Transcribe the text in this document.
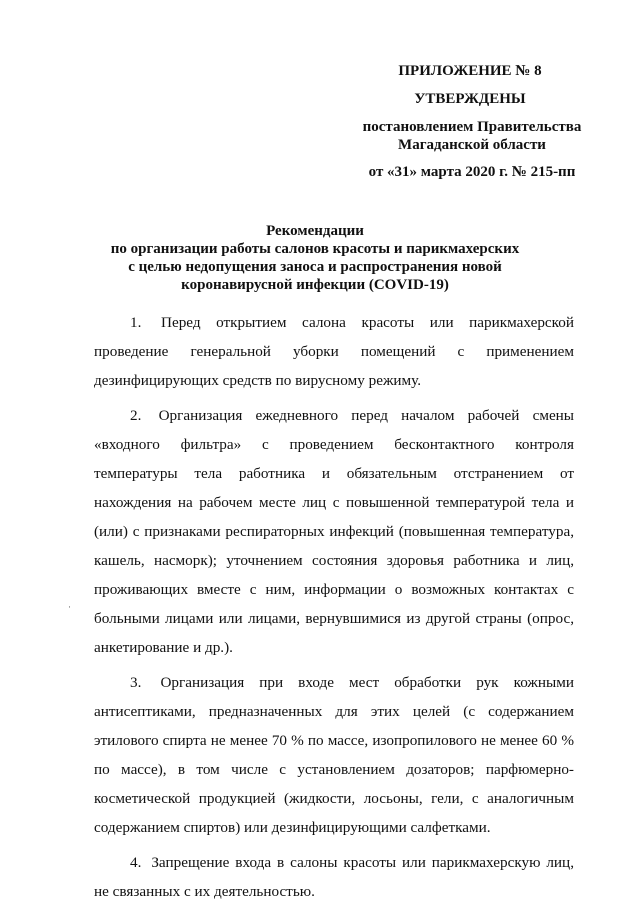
ПРИЛОЖЕНИЕ № 8
УТВЕРЖДЕНЫ
постановлением Правительства
Магаданской области
от «31» марта 2020 г. № 215-пп
Рекомендации
по организации работы салонов красоты и парикмахерских
с целью недопущения заноса и распространения новой
коронавирусной инфекции (COVID-19)

1. Перед открытием салона красоты или парикмахерской проведение генеральной уборки помещений с применением дезинфицирующих средств по вирусному режиму.

2. Организация ежедневного перед началом рабочей смены «входного фильтра» с проведением бесконтактного контроля температуры тела работника и обязательным отстранением от нахождения на рабочем месте лиц с повышенной температурой тела и (или) с признаками респираторных инфекций (повышенная температура, кашель, насморк); уточнением состояния здоровья работника и лиц, проживающих вместе с ним, информации о возможных контактах с больными лицами или лицами, вернувшимися из другой страны (опрос, анкетирование и др.).

3. Организация при входе мест обработки рук кожными антисептиками, предназначенных для этих целей (с содержанием этилового спирта не менее 70 % по массе, изопропилового не менее 60 % по массе), в том числе с установлением дозаторов; парфюмерно-косметической продукцией (жидкости, лосьоны, гели, с аналогичным содержанием спиртов) или дезинфицирующими салфетками.

4. Запрещение входа в салоны красоты или парикмахерскую лиц, не связанных с их деятельностью.

·
